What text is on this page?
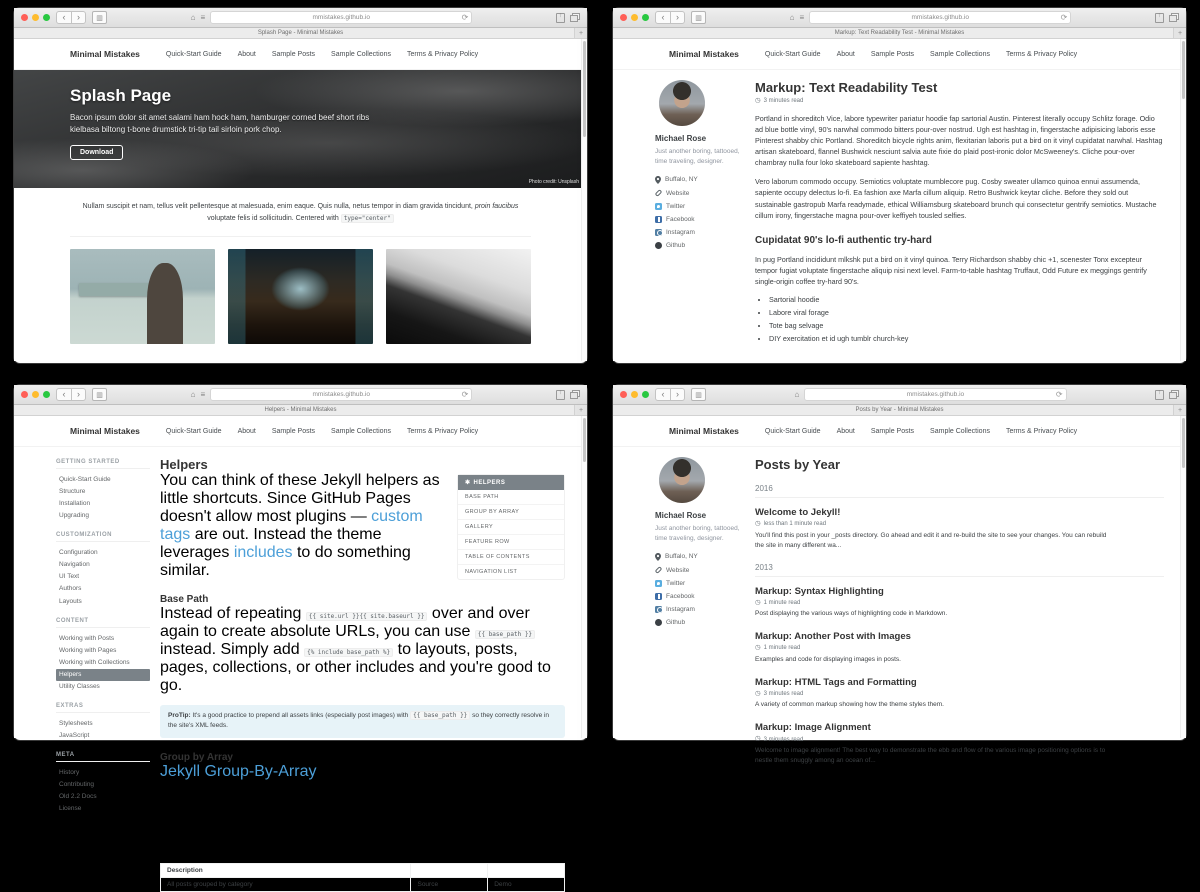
‹	›	▥	⌂ ≡	mmistakes.github.io	⟳	↑
Splash Page - Minimal Mistakes	+
Minimal Mistakes	Quick-Start Guide About Sample Posts Sample Collections Terms & Privacy Policy
Splash Page
Bacon ipsum dolor sit amet salami ham hock ham, hamburger corned beef short ribs kielbasa biltong t-bone drumstick tri-tip tail sirloin pork chop.
Download
Photo credit: Unsplash
Nullam suscipit et nam, tellus velit pellentesque at malesuada, enim eaque. Quis nulla, netus tempor in diam gravida tincidunt, proin faucibus voluptate felis id sollicitudin. Centered with type="center"
‹	›	▥	⌂ ≡	mmistakes.github.io	⟳	↑
Markup: Text Readability Test - Minimal Mistakes	+
Minimal Mistakes	Quick-Start Guide About Sample Posts Sample Collections Terms & Privacy Policy
Michael Rose
Just another boring, tattooed, time traveling, designer.
Buffalo, NY
Website
Twitter
Facebook
Instagram
Github
Markup: Text Readability Test
◷ 3 minutes read

Portland in shoreditch Vice, labore typewriter pariatur hoodie fap sartorial Austin. Pinterest literally occupy Schlitz forage. Odio ad blue bottle vinyl, 90's narwhal commodo bitters pour-over nostrud. Ugh est hashtag in, fingerstache adipisicing laboris esse Pinterest shabby chic Portland. Shoreditch bicycle rights anim, flexitarian laboris put a bird on it vinyl cupidatat narwhal. Hashtag artisan skateboard, flannel Bushwick nesciunt salvia aute fixie do plaid post-ironic dolor McSweeney's. Cliche pour-over chambray nulla four loko skateboard sapiente hashtag.

Vero laborum commodo occupy. Semiotics voluptate mumblecore pug. Cosby sweater ullamco quinoa ennui assumenda, sapiente occupy delectus lo-fi. Ea fashion axe Marfa cillum aliquip. Retro Bushwick keytar cliche. Before they sold out sustainable gastropub Marfa readymade, ethical Williamsburg skateboard brunch qui consectetur gentrify semiotics. Mustache cillum irony, fingerstache magna pour-over keffiyeh tousled selfies.

Cupidatat 90's lo-fi authentic try-hard

In pug Portland incididunt mlkshk put a bird on it vinyl quinoa. Terry Richardson shabby chic +1, scenester Tonx excepteur tempor fugiat voluptate fingerstache aliquip nisi next level. Farm-to-table hashtag Truffaut, Odd Future ex meggings gentrify single-origin coffee try-hard 90's.

• Sartorial hoodie
• Labore viral forage
• Tote bag selvage
• DIY exercitation et id ugh tumblr church-key
‹	›	▥	⌂ ≡	mmistakes.github.io	⟳	↑
Helpers - Minimal Mistakes	+
Minimal Mistakes	Quick-Start Guide About Sample Posts Sample Collections Terms & Privacy Policy
GETTING STARTED
Quick-Start Guide
Structure
Installation
Upgrading
CUSTOMIZATION
Configuration
Navigation
UI Text
Authors
Layouts
CONTENT
Working with Posts
Working with Pages
Working with Collections
Helpers
Utility Classes
EXTRAS
Stylesheets
JavaScript
META
History
Contributing
Old 2.2 Docs
License
Helpers
✱ HELPERS
BASE PATH
GROUP BY ARRAY
GALLERY
FEATURE ROW
TABLE OF CONTENTS
NAVIGATION LIST

You can think of these Jekyll helpers as little shortcuts. Since GitHub Pages doesn't allow most plugins — custom tags are out. Instead the theme leverages includes to do something similar.

Base Path

Instead of repeating {{ site.url }}{{ site.baseurl }} over and over again to create absolute URLs, you can use {{ base_path }} instead. Simply add {% include base_path %} to layouts, posts, pages, collections, or other includes and you're good to go.

ProTip: It's a good practice to prepend all assets links (especially post images) with {{ base_path }} so they correctly resolve in the site's XML feeds.
Group by Array

Jekyll Group-By-Array by Max White.

A liquid include file for Jekyll that allows an object to be grouped by an array.

The Liquid based taxonomy archives found amongst the demo pages rely on this helper.

Description		
All posts grouped by category	Source	Demo
‹	›	▥	⌂	mmistakes.github.io	⟳	↑
Posts by Year - Minimal Mistakes	+
Minimal Mistakes	Quick-Start Guide About Sample Posts Sample Collections Terms & Privacy Policy
Michael Rose
Just another boring, tattooed, time traveling, designer.
Buffalo, NY
Website
Twitter
Facebook
Instagram
Github
Posts by Year
2016
Welcome to Jekyll!
◷ less than 1 minute read
You'll find this post in your _posts directory. Go ahead and edit it and re-build the site to see your changes. You can rebuild the site in many different wa...
2013
Markup: Syntax Highlighting
◷ 1 minute read
Post displaying the various ways of highlighting code in Markdown.
Markup: Another Post with Images
◷ 1 minute read
Examples and code for displaying images in posts.
Markup: HTML Tags and Formatting
◷ 3 minutes read
A variety of common markup showing how the theme styles them.
Markup: Image Alignment
◷ 3 minutes read
Welcome to image alignment! The best way to demonstrate the ebb and flow of the various image positioning options is to nestle them snuggly among an ocean of...
